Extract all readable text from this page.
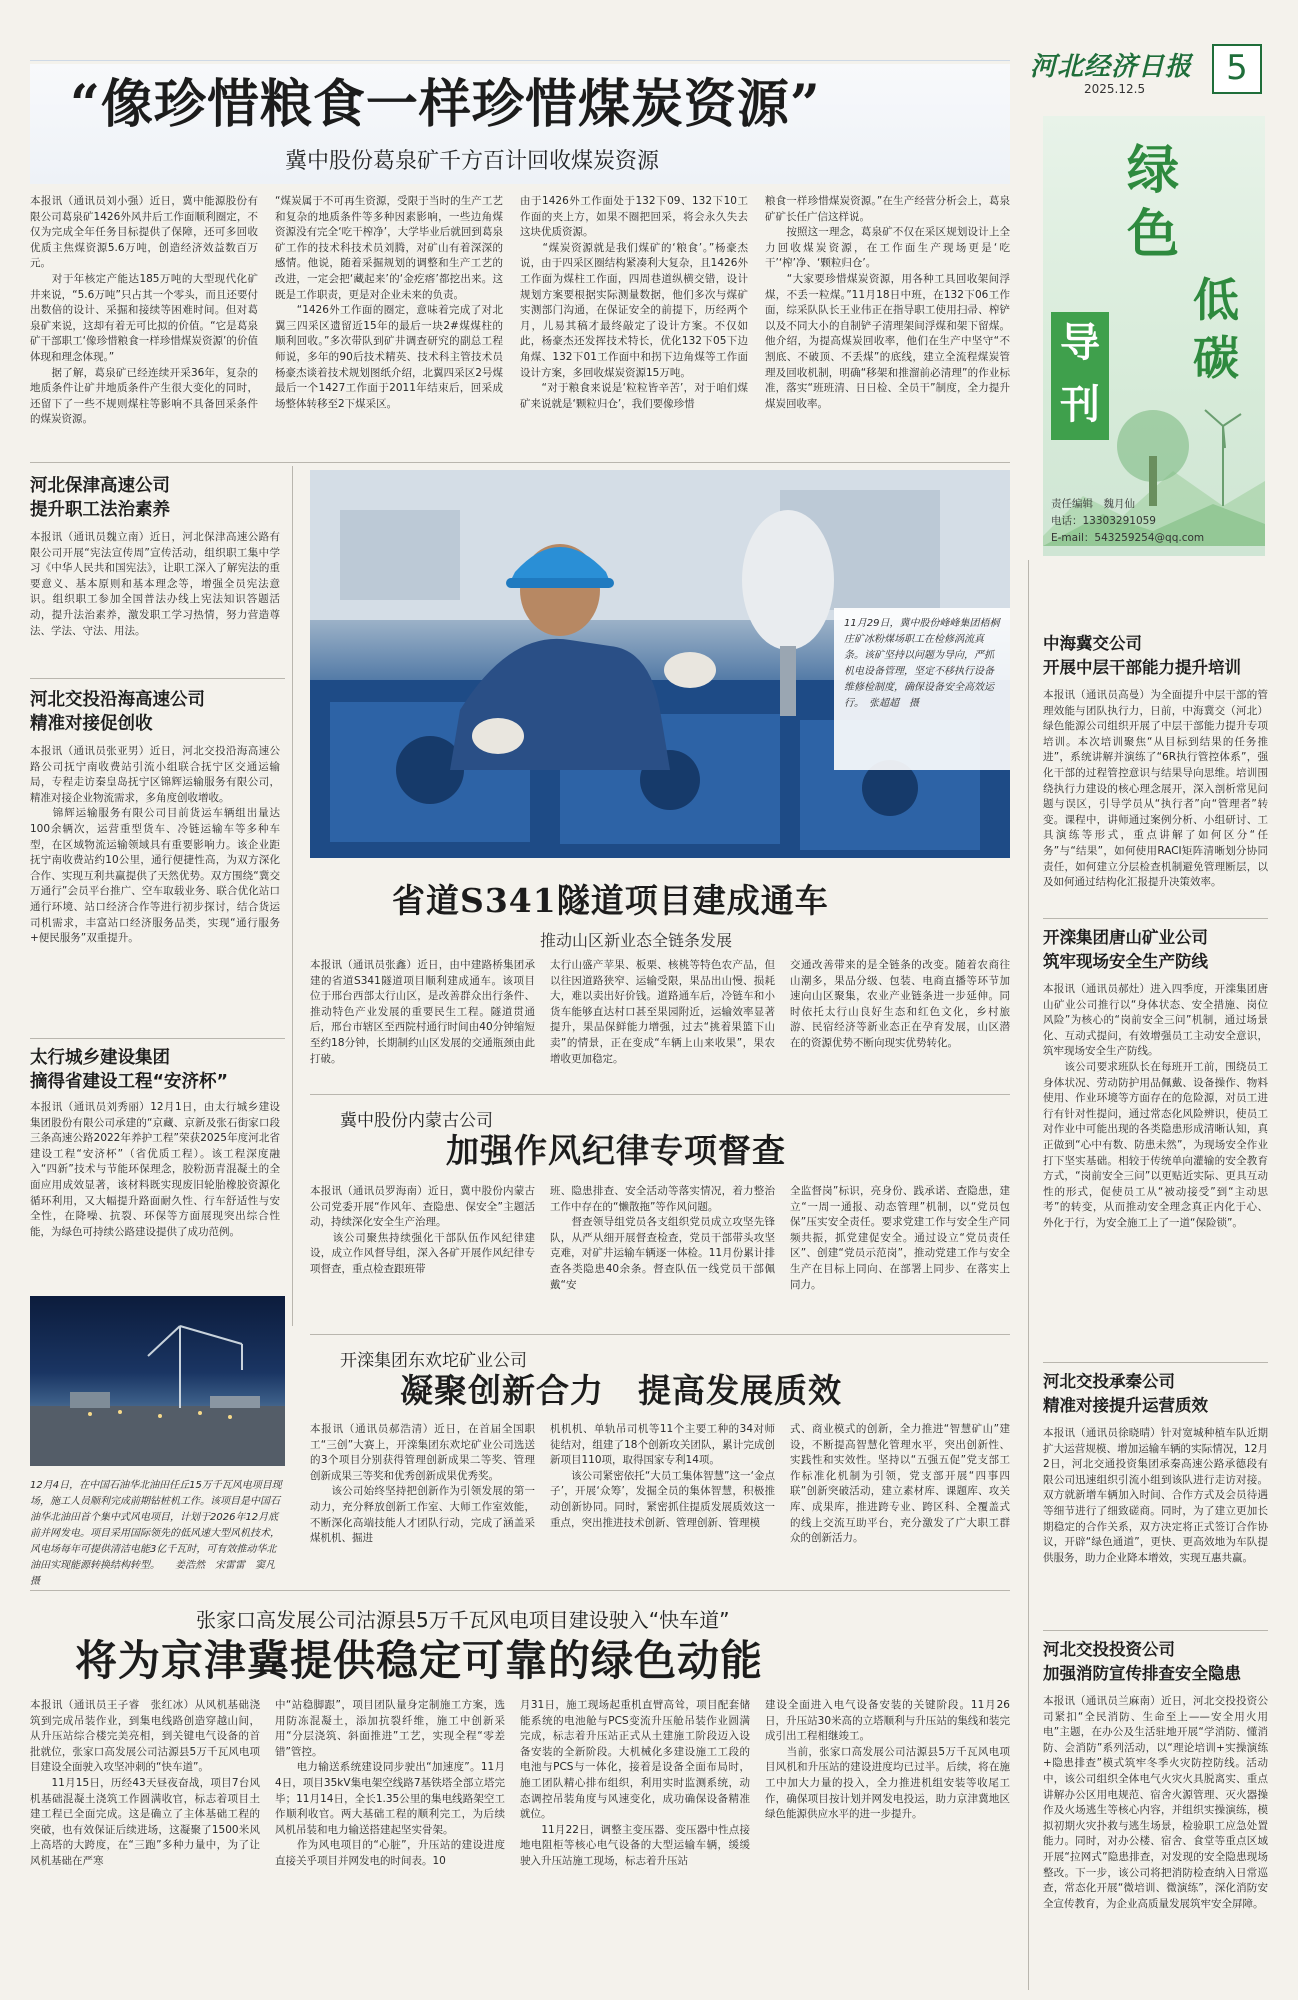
河北经济日报
2025.12.5
5
绿
色
低
碳
导
刊
责任编辑　魏月仙
电话：13303291059
E-mail：543259254@qq.com
“像珍惜粮食一样珍惜煤炭资源”
冀中股份葛泉矿千方百计回收煤炭资源
本报讯（通讯员刘小强）近日，冀中能源股份有限公司葛泉矿1426外风井后工作面顺利圈定，不仅为完成全年任务目标提供了保障，还可多回收优质主焦煤资源5.6万吨，创造经济效益数百万元。
　　对于年核定产能达185万吨的大型现代化矿井来说，“5.6万吨”只占其一个零头，而且还要付出数倍的设计、采掘和接续等困难时间。但对葛泉矿来说，这却有着无可比拟的价值。“它是葛泉矿干部职工‘像珍惜粮食一样珍惜煤炭资源’的价值体现和理念体现。”
　　据了解，葛泉矿已经连续开采36年，复杂的地质条件让矿井地质条件产生很大变化的同时，还留下了一些不规则煤柱等影响不具备回采条件的煤炭资源。
“煤炭属于不可再生资源，受限于当时的生产工艺和复杂的地质条件等多种因素影响，一些边角煤资源没有完全‘吃干榨净’，大学毕业后就回到葛泉矿工作的技术科技术员刘腾，对矿山有着深深的感情。他说，随着采掘规划的调整和生产工艺的改进，一定会把‘藏起来’的‘金疙瘩’都挖出来。这既是工作职责，更是对企业未来的负责。
　　“1426外工作面的圈定，意味着完成了对北翼三四采区遗留近15年的最后一块2#煤煤柱的顺利回收。”多次带队到矿井调查研究的副总工程师说，多年的90后技术精英、技术科主管技术员杨豪杰谈着技术规划图纸介绍，北翼四采区2号煤最后一个1427工作面于2011年结束后，回采成场整体转移至2下煤采区。
由于1426外工作面处于132下09、132下10工作面的夹上方，如果不圈把回采，将会永久失去这块优质资源。
　　“煤炭资源就是我们煤矿的‘粮食’。”杨豪杰说，由于四采区圈结构紧凑利大复杂，且1426外工作面为煤柱工作面，四周巷道纵横交错，设计规划方案要根据实际测量数据，他们多次与煤矿实测部门沟通，在保证安全的前提下，历经两个月，儿易其稿才最终敲定了设计方案。不仅如此，杨豪杰还发挥技术特长，优化132下05下边角煤、132下01工作面中和拐下边角煤等工作面设计方案，多回收煤炭资源15万吨。
　　“对于粮食来说是‘粒粒皆辛苦’，对于咱们煤矿来说就是‘颗粒归仓’，我们要像珍惜
粮食一样珍惜煤炭资源。”在生产经营分析会上，葛泉矿矿长任广信这样说。
　　按照这一理念，葛泉矿不仅在采区规划设计上全力回收煤炭资源，在工作面生产现场更是‘吃干’‘榨’净、‘颗粒归仓’。
　　“大家要珍惜煤炭资源，用各种工具回收架间浮煤，不丢一粒煤。”11月18日中班，在132下06工作面，综采队队长王业伟正在指导职工使用扫帚、榨铲以及不同大小的自制铲子清理架间浮煤和架下留煤。他介绍，为提高煤炭回收率，他们在生产中坚守“不割底、不破顶、不丢煤”的底线，建立全流程煤炭管理及回收机制，明确“移架和推溜前必清理”的作业标准，落实“班班清、日日检、全员干”制度，全力提升煤炭回收率。
河北保津高速公司
提升职工法治素养
本报讯（通讯员魏立南）近日，河北保津高速公路有限公司开展“宪法宣传周”宣传活动，组织职工集中学习《中华人民共和国宪法》，让职工深入了解宪法的重要意义、基本原则和基本理念等，增强全员宪法意识。组织职工参加全国普法办线上宪法知识答题活动，提升法治素养，激发职工学习热情，努力营造尊法、学法、守法、用法。
河北交投沿海高速公司
精准对接促创收
本报讯（通讯员张亚男）近日，河北交投沿海高速公路公司抚宁南收费站引流小组联合抚宁区交通运输局，专程走访秦皇岛抚宁区锦辉运输服务有限公司，精准对接企业物流需求，多角度创收增收。
　　锦辉运输服务有限公司目前货运车辆组出量达100余辆次，运营重型货车、冷链运输车等多种车型，在区域物流运输领域具有重要影响力。该企业距抚宁南收费站约10公里，通行便捷性高，为双方深化合作、实现互利共赢提供了天然优势。双方围绕“冀交万通行”会员平台推广、空车取载业务、联合优化站口通行环境、站口经济合作等进行初步探讨，结合货运司机需求，丰富站口经济服务品类，实现“通行服务+便民服务”双重提升。
太行城乡建设集团
摘得省建设工程“安济杯”
本报讯（通讯员刘秀丽）12月1日，由太行城乡建设集团股份有限公司承建的“京藏、京新及张石街家口段三条高速公路2022年养护工程”荣获2025年度河北省建设工程“安济杯”（省优质工程）。该工程深度融入“四新”技术与节能环保理念，胶粉沥青混凝土的全面应用成效显著，该材料既实现废旧轮胎橡胶资源化循环利用，又大幅提升路面耐久性、行车舒适性与安全性，在降噪、抗裂、环保等方面展现突出综合性能，为绿色可持续公路建设提供了成功范例。
12月4日，在中国石油华北油田任丘15万千瓦风电项目现场，施工人员顺利完成前期钻桩机工作。该项目是中国石油华北油田首个集中式风电项目，计划于2026年12月底前并网发电。项目采用国际领先的低风速大型风机技术，风电场每年可提供清洁电能3亿千瓦时，可有效推动华北油田实现能源转换结构转型。　　姜浩然　宋雷雷　窦凡　摄
11月29日，冀中股份峰峰集团梧桐庄矿冰粉煤场职工在检修涡流真条。该矿坚持以问题为导向，严抓机电设备管理，坚定不移执行设备维修检制度，确保设备安全高效运行。　张超超　摄
省道S341隧道项目建成通车
推动山区新业态全链条发展
本报讯（通讯员张鑫）近日，由中建路桥集团承建的省道S341隧道项目顺利建成通车。该项目位于邢台西部太行山区，是改善群众出行条件、推动特色产业发展的重要民生工程。隧道贯通后，邢台市辖区至西院村通行时间由40分钟缩短至约18分钟，长期制约山区发展的交通瓶颈由此打破。
太行山盛产苹果、板栗、核桃等特色农产品，但以往因道路狭窄、运输受限，果品出山慢、损耗大，难以卖出好价钱。道路通车后，冷链车和小货车能够直达村口甚至果园附近，运输效率显著提升，果品保鲜能力增强，过去“挑着果篮下山卖”的情景，正在变成“车辆上山来收果”，果农增收更加稳定。
交通改善带来的是全链条的改变。随着农商往山潮多，果品分级、包装、电商直播等环节加速向山区聚集，农业产业链条进一步延伸。同时依托太行山良好生态和红色文化，乡村旅游、民宿经济等新业态正在孕育发展，山区潜在的资源优势不断向现实优势转化。
冀中股份内蒙古公司
加强作风纪律专项督查
本报讯（通讯员罗海南）近日，冀中股份内蒙古公司党委开展“作风年、查隐患、保安全”主题活动，持续深化安全生产治理。
　　该公司聚焦持续强化干部队伍作风纪律建设，成立作风督导组，深入各矿开展作风纪律专项督查，重点检查跟班带
班、隐患排查、安全活动等落实情况，着力整治工作中存在的“懒散拖”等作风问题。
　　督查领导组党员各支组织党员成立攻坚先锋队，从严从细开展督查检查，党员干部带头攻坚克难，对矿井运输车辆逐一体检。11月份累计排查各类隐患40余条。督查队伍一线党员干部佩戴“安
全监督岗”标识，亮身份、践承诺、查隐患，建立“一周一通报、动态管理”机制，以“党员包保”压实安全责任。要求党建工作与安全生产同频共振，抓党建促安全。通过设立“党员责任区”、创建“党员示范岗”，推动党建工作与安全生产在目标上同向、在部署上同步、在落实上同力。
开滦集团东欢坨矿业公司
凝聚创新合力　提高发展质效
本报讯（通讯员郝浩清）近日，在首届全国职工“三创”大赛上，开滦集团东欢坨矿业公司选送的3个项目分别获得管理创新成果二等奖、管理创新成果三等奖和优秀创新成果优秀奖。
　　该公司始终坚持把创新作为引领发展的第一动力，充分释放创新工作室、大师工作室效能，不断深化高端技能人才团队行动，完成了涵盖采煤机机、掘进
机机机、单轨吊司机等11个主要工种的34对师徒结对，组建了18个创新攻关团队，累计完成创新项目110项，取得国家专利14项。
　　该公司紧密依托“大员工集体智慧”这一‘金点子’，开展‘众筹’，发掘全员的集体智慧，积极推动创新协同。同时，紧密抓住提质发展质效这一重点，突出推进技术创新、管理创新、管理模
式、商业模式的创新，全力推进“智慧矿山”建设，不断提高智慧化管理水平，突出创新性、实践性和实效性。坚持以“五强五促”党支部工作标准化机制为引领，党支部开展“四事四联”创新突破活动，建立素材库、课题库、攻关库、成果库，推进跨专业、跨区科、全覆盖式的线上交流互助平台，充分激发了广大职工群众的创新活力。
张家口高发展公司沽源县5万千瓦风电项目建设驶入“快车道”
将为京津冀提供稳定可靠的绿色动能
本报讯（通讯员王子睿　张红冰）从风机基础浇筑到完成吊装作业，到集电线路创造穿越山间，从升压站综合楼完美亮相，到关键电气设备的首批就位，张家口高发展公司沽源县5万千瓦风电项目建设全面驶入攻坚冲刺的“快车道”。
　　11月15日，历经43天昼夜奋战，项目7台风机基础混凝土浇筑工作圆满收官，标志着项目土建工程已全面完成。这是确立了主体基础工程的突破，也有效保证后续进场，这凝聚了1500米风上高塔的大跨度，在“三跑”多种力量中，为了让风机基础在严寒
中“站稳脚跟”，项目团队量身定制施工方案，选用防冻混凝土，添加抗裂纤维，施工中创新采用“分层浇筑、斜面推进”工艺，实现全程“零差错”管控。
　　电力输送系统建设同步驶出“加速度”。11月4日，项目35kV集电架空线路7基铁塔全部立塔完毕；11月14日，全长1.35公里的集电线路架空工作顺利收官。两大基础工程的顺利完工，为后续风机吊装和电力输送搭建起坚实骨架。
　　作为风电项目的“心脏”，升压站的建设进度直接关乎项目并网发电的时间表。10
月31日，施工现场起重机直臂高耸，项目配套储能系统的电池舱与PCS变流升压舱吊装作业圆满完成，标志着升压站正式从土建施工阶段迈入设备安装的全新阶段。大机械化多建设施工工段的电池与PCS与一体化，接着是设备全面布局时，施工团队精心排布组织，利用实时监测系统，动态调控吊装角度与风速变化，成功确保设备精准就位。
　　11月22日，调整主变压器、变压器中性点接地电阻柜等核心电气设备的大型运输车辆，缓缓驶入升压站施工现场，标志着升压站
建设全面进入电气设备安装的关键阶段。11月26日，升压站30米高的立塔顺利与升压站的集线和装完成引出工程相继竣工。
　　当前，张家口高发展公司沽源县5万千瓦风电项目风机和升压站的建设进度均已过半。后续，将在施工中加大力量的投入，全力推进机组安装等收尾工作，确保项目按计划并网发电投运，助力京津冀地区绿色能源供应水平的进一步提升。
中海冀交公司
开展中层干部能力提升培训
本报讯（通讯员高曼）为全面提升中层干部的管理效能与团队执行力，日前，中海冀交（河北）绿色能源公司组织开展了中层干部能力提升专项培训。本次培训聚焦“从目标到结果的任务推进”，系统讲解并演练了“6R执行管控体系”，强化干部的过程管控意识与结果导向思维。培训围绕执行力建设的核心理念展开，深入剖析常见问题与误区，引导学员从“执行者”向“管理者”转变。课程中，讲师通过案例分析、小组研讨、工具演练等形式，重点讲解了如何区分“任务”与“结果”，如何使用RACI矩阵清晰划分协同责任，如何建立分层检查机制避免管理断层，以及如何通过结构化汇报提升决策效率。
开滦集团唐山矿业公司
筑牢现场安全生产防线
本报讯（通讯员郝灶）进入四季度，开滦集团唐山矿业公司推行以“身体状态、安全措施、岗位风险”为核心的“岗前安全三问”机制，通过场景化、互动式提问，有效增强员工主动安全意识，筑牢现场安全生产防线。
　　该公司要求班队长在每班开工前，围绕员工身体状况、劳动防护用品佩戴、设备操作、物料使用、作业环境等方面存在的危险源，对员工进行有针对性提问，通过常态化风险辨识，使员工对作业中可能出现的各类隐患形成清晰认知，真正做到“心中有数、防患未然”，为现场安全作业打下坚实基础。相较于传统单向灌输的安全教育方式，“岗前安全三问”以更贴近实际、更具互动性的形式，促使员工从“被动接受”到“主动思考”的转变，从而推动安全理念真正内化于心、外化于行，为安全施工上了一道“保险锁”。
河北交投承秦公司
精准对接提升运营质效
本报讯（通讯员徐晓晴）针对宽城种植车队近期扩大运营规模、增加运输车辆的实际情况，12月2日，河北交通投资集团承秦高速公路承德段有限公司迅速组织引流小组到该队进行走访对接。双方就新增车辆加入时间、合作方式及会员待遇等细节进行了细致磋商。同时，为了建立更加长期稳定的合作关系，双方决定将正式签订合作协议，开辟“绿色通道”，更快、更高效地为车队提供服务，助力企业降本增效，实现互惠共赢。
河北交投投资公司
加强消防宣传排查安全隐患
本报讯（通讯员兰麻南）近日，河北交投投资公司紧扣“全民消防、生命至上——安全用火用电”主题，在办公及生活驻地开展“学消防、懂消防、会消防”系列活动，以“理论培训+实操演练+隐患排查”模式筑牢冬季火灾防控防线。活动中，该公司组织全体电气火灾火具脱离实、重点讲解办公区用电规范、宿舍火源管理、灭火器操作及火场逃生等核心内容，并组织实操演练，模拟初期火灾扑救与逃生场景，检验职工应急处置能力。同时，对办公楼、宿舍、食堂等重点区域开展“拉网式”隐患排查，对发现的安全隐患现场整改。下一步，该公司将把消防检查纳入日常巡查，常态化开展“微培训、微演练”，深化消防安全宣传教育，为企业高质量发展筑牢安全屏障。
